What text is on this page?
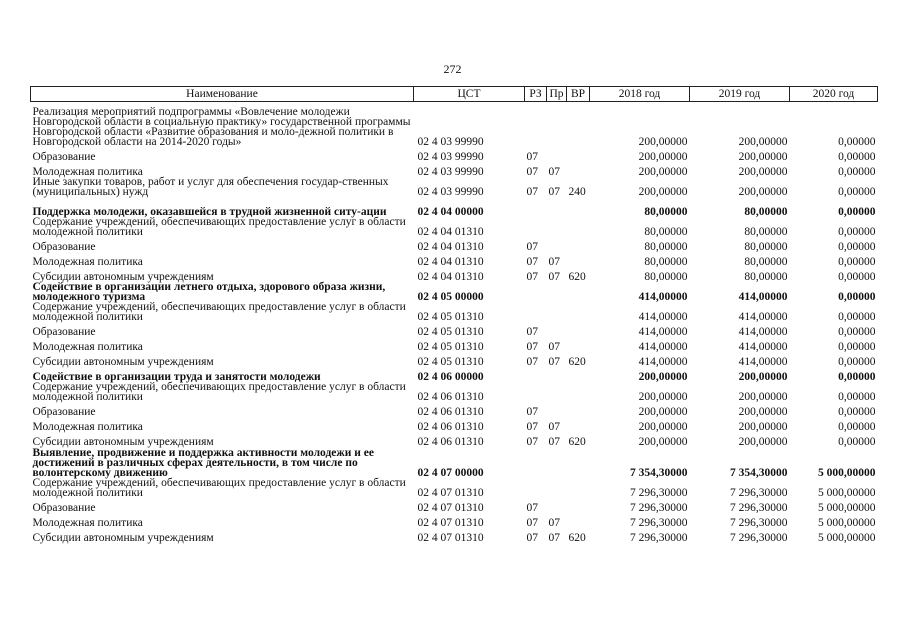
272
Наименование	ЦСТ	РЗ	Пр	ВР	2018 год	2019 год	2020 год
Реализация мероприятий подпрограммы «Вовлечение молодежи Новгородской области в социальную практику» государственной программы Новгородской области «Развитие образования и моло-дежной политики в Новгородской области на 2014-2020 годы»	02 4 03 99990				200,00000	200,00000	0,00000
Образование	02 4 03 99990	07			200,00000	200,00000	0,00000
Молодежная политика	02 4 03 99990	07	07		200,00000	200,00000	0,00000
Иные закупки товаров, работ и услуг для обеспечения государ-ственных (муниципальных) нужд	02 4 03 99990	07	07	240	200,00000	200,00000	0,00000
Поддержка молодежи, оказавшейся в трудной жизненной ситу-ации	02 4 04 00000				80,00000	80,00000	0,00000
Содержание учреждений, обеспечивающих предоставление услуг в области молодежной политики	02 4 04 01310				80,00000	80,00000	0,00000
Образование	02 4 04 01310	07			80,00000	80,00000	0,00000
Молодежная политика	02 4 04 01310	07	07		80,00000	80,00000	0,00000
Субсидии автономным учреждениям	02 4 04 01310	07	07	620	80,00000	80,00000	0,00000
Содействие в организации летнего отдыха, здорового образа жизни, молодежного туризма	02 4 05 00000				414,00000	414,00000	0,00000
Содержание учреждений, обеспечивающих предоставление услуг в области молодежной политики	02 4 05 01310				414,00000	414,00000	0,00000
Образование	02 4 05 01310	07			414,00000	414,00000	0,00000
Молодежная политика	02 4 05 01310	07	07		414,00000	414,00000	0,00000
Субсидии автономным учреждениям	02 4 05 01310	07	07	620	414,00000	414,00000	0,00000
Содействие в организации труда и занятости молодежи	02 4 06 00000				200,00000	200,00000	0,00000
Содержание учреждений, обеспечивающих предоставление услуг в области молодежной политики	02 4 06 01310				200,00000	200,00000	0,00000
Образование	02 4 06 01310	07			200,00000	200,00000	0,00000
Молодежная политика	02 4 06 01310	07	07		200,00000	200,00000	0,00000
Субсидии автономным учреждениям	02 4 06 01310	07	07	620	200,00000	200,00000	0,00000
Выявление, продвижение и поддержка активности молодежи и ее достижений в различных сферах деятельности, в том числе по волонтерскому движению	02 4 07 00000				7 354,30000	7 354,30000	5 000,00000
Содержание учреждений, обеспечивающих предоставление услуг в области молодежной политики	02 4 07 01310				7 296,30000	7 296,30000	5 000,00000
Образование	02 4 07 01310	07			7 296,30000	7 296,30000	5 000,00000
Молодежная политика	02 4 07 01310	07	07		7 296,30000	7 296,30000	5 000,00000
Субсидии автономным учреждениям	02 4 07 01310	07	07	620	7 296,30000	7 296,30000	5 000,00000
